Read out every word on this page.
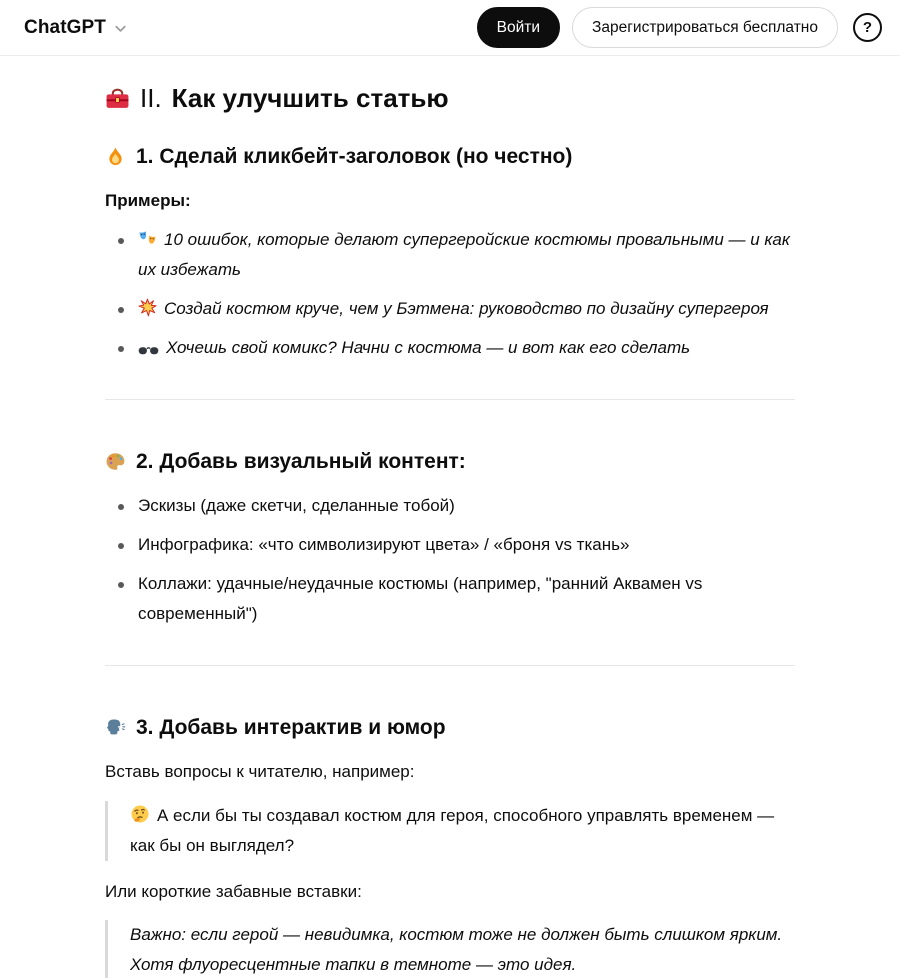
ChatGPT	Войти	Зарегистрироваться бесплатно	?
II. Как улучшить статью
1. Сделай кликбейт-заголовок (но честно)

Примеры:

10 ошибок, которые делают супергеройские костюмы провальными — и как их избежать
Создай костюм круче, чем у Бэтмена: руководство по дизайну супергероя
Хочешь свой комикс? Начни с костюма — и вот как его сделать
2. Добавь визуальный контент:
Эскизы (даже скетчи, сделанные тобой)
Инфографика: «что символизируют цвета» / «броня vs ткань»
Коллажи: удачные/неудачные костюмы (например, "ранний Аквамен vs современный")
3. Добавь интерактив и юмор

Вставь вопросы к читателю, например:

А если бы ты создавал костюм для героя, способного управлять временем — как бы он выглядел?

Или короткие забавные вставки:

Важно: если герой — невидимка, костюм тоже не должен быть слишком ярким. Хотя флуоресцентные тапки в темноте — это идея.
